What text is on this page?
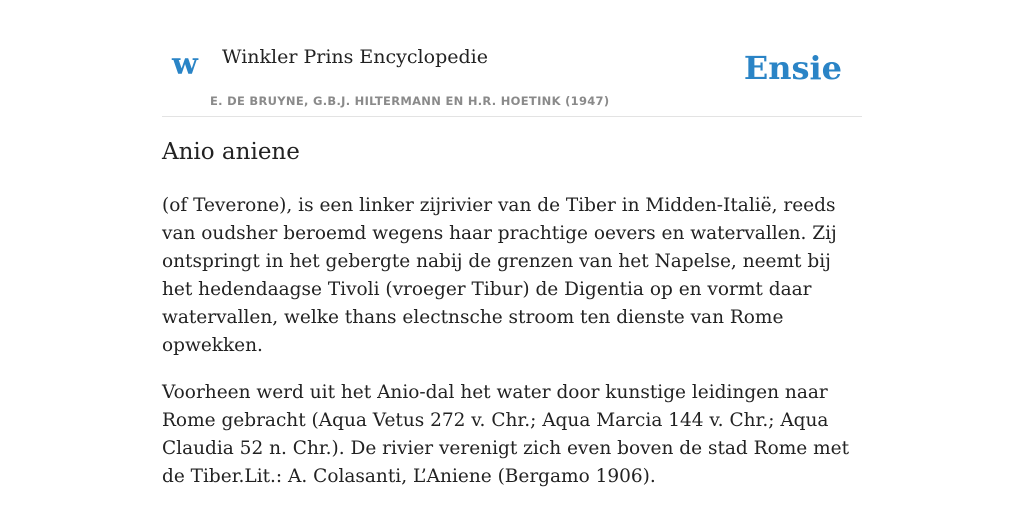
w Winkler Prins Encyclopedie	Ensie
E. DE BRUYNE, G.B.J. HILTERMANN EN H.R. HOETINK (1947)
Anio aniene

(of Teverone), is een linker zijrivier van de Tiber in Midden-Italië, reeds van oudsher beroemd wegens haar prachtige oevers en watervallen. Zij ontspringt in het gebergte nabij de grenzen van het Napelse, neemt bij het hedendaagse Tivoli (vroeger Tibur) de Digentia op en vormt daar watervallen, welke thans electnsche stroom ten dienste van Rome opwekken.

Voorheen werd uit het Anio-dal het water door kunstige leidingen naar Rome gebracht (Aqua Vetus 272 v. Chr.; Aqua Marcia 144 v. Chr.; Aqua Claudia 52 n. Chr.). De rivier verenigt zich even boven de stad Rome met de Tiber.Lit.: A. Colasanti, L’Aniene (Bergamo 1906).
